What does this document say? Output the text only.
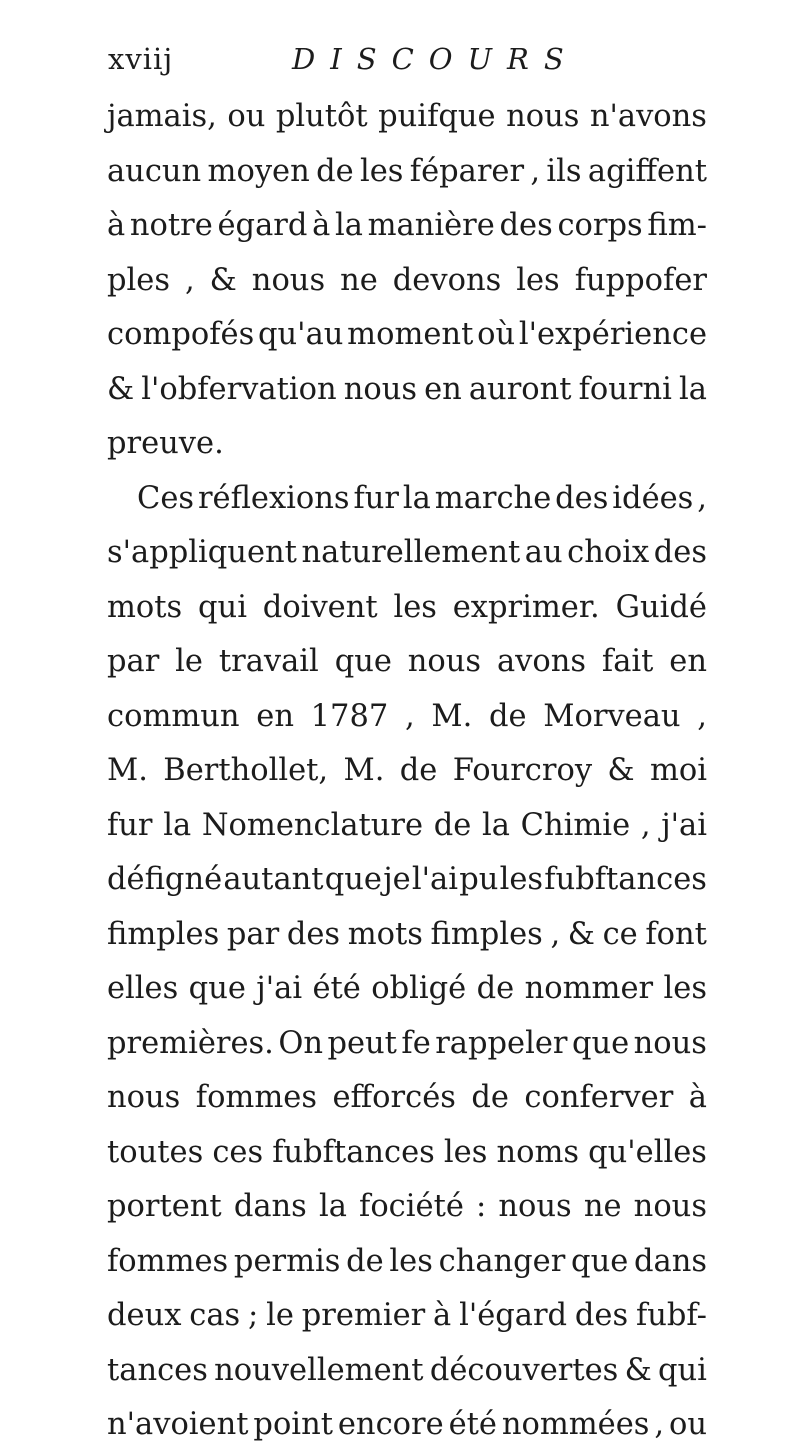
xviij	DISCOURS
jamais, ou plutôt puifque nous n'avons
aucun moyen de les féparer , ils agiffent
à notre égard à la manière des corps fim-
ples , & nous ne devons les fuppofer
compofés qu'au moment où l'expérience
& l'obfervation nous en auront fourni la
preuve.
Ces réflexions fur la marche des idées ,
s'appliquent naturellement au choix des
mots qui doivent les exprimer. Guidé
par le travail que nous avons fait en
commun en 1787 , M. de Morveau ,
M. Berthollet, M. de Fourcroy & moi
fur la Nomenclature de la Chimie , j'ai
défigné autant que je l'ai pu les fubftances
fimples par des mots fimples , & ce font
elles que j'ai été obligé de nommer les
premières. On peut fe rappeler que nous
nous fommes efforcés de conferver à
toutes ces fubftances les noms qu'elles
portent dans la fociété : nous ne nous
fommes permis de les changer que dans
deux cas ; le premier à l'égard des fubf-
tances nouvellement découvertes & qui
n'avoient point encore été nommées , ou
